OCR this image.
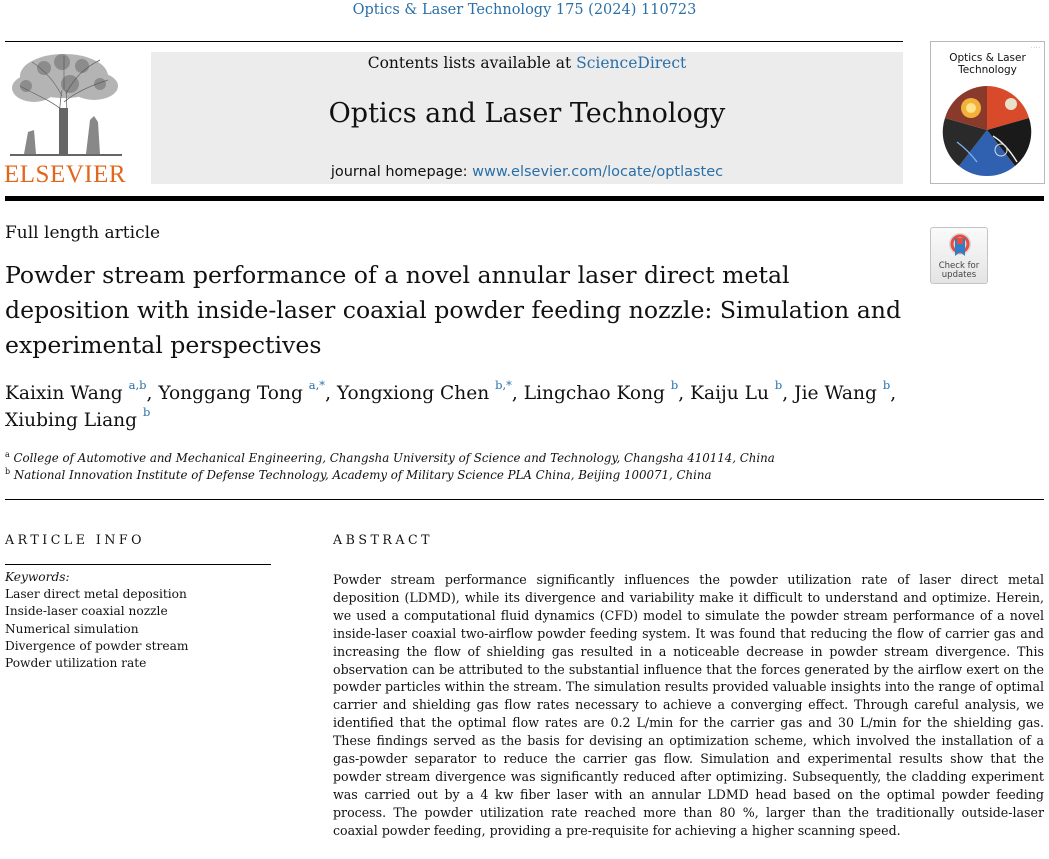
Optics & Laser Technology 175 (2024) 110723
ELSEVIER
Contents lists available at ScienceDirect
Optics and Laser Technology
journal homepage: www.elsevier.com/locate/optlastec
· · · ·
Optics & Laser
Technology
Full length article
Check for
updates
Powder stream performance of a novel annular laser direct metal deposition with inside-laser coaxial powder feeding nozzle: Simulation and experimental perspectives
Kaixin Wang $^{a,b}$, Yonggang Tong $^{a,*}$, Yongxiong Chen $^{b,*}$, Lingchao Kong $^b$, Kaiju Lu $^b$, Jie Wang $^b$, Xiubing Liang $^b$
$^a$ College of Automotive and Mechanical Engineering, Changsha University of Science and Technology, Changsha 410114, China
$^b$ National Innovation Institute of Defense Technology, Academy of Military Science PLA China, Beijing 100071, China
ARTICLE INFO	ABSTRACT
Keywords:
Laser direct metal deposition
Inside-laser coaxial nozzle
Numerical simulation
Divergence of powder stream
Powder utilization rate
Powder stream performance significantly influences the powder utilization rate of laser direct metal deposition (LDMD), while its divergence and variability make it difficult to understand and optimize. Herein, we used a computational fluid dynamics (CFD) model to simulate the powder stream performance of a novel inside-laser coaxial two-airflow powder feeding system. It was found that reducing the flow of carrier gas and increasing the flow of shielding gas resulted in a noticeable decrease in powder stream divergence. This observation can be attributed to the substantial influence that the forces generated by the airflow exert on the powder particles within the stream. The simulation results provided valuable insights into the range of optimal carrier and shielding gas flow rates necessary to achieve a converging effect. Through careful analysis, we identified that the optimal flow rates are 0.2 L/min for the carrier gas and 30 L/min for the shielding gas. These findings served as the basis for devising an optimization scheme, which involved the installation of a gas-powder separator to reduce the carrier gas flow. Simulation and experimental results show that the powder stream divergence was significantly reduced after optimizing. Subsequently, the cladding experiment was carried out by a 4 kw fiber laser with an annular LDMD head based on the optimal powder feeding process. The powder utilization rate reached more than 80 %, larger than the traditionally outside-laser coaxial powder feeding, providing a pre-requisite for achieving a higher scanning speed.
